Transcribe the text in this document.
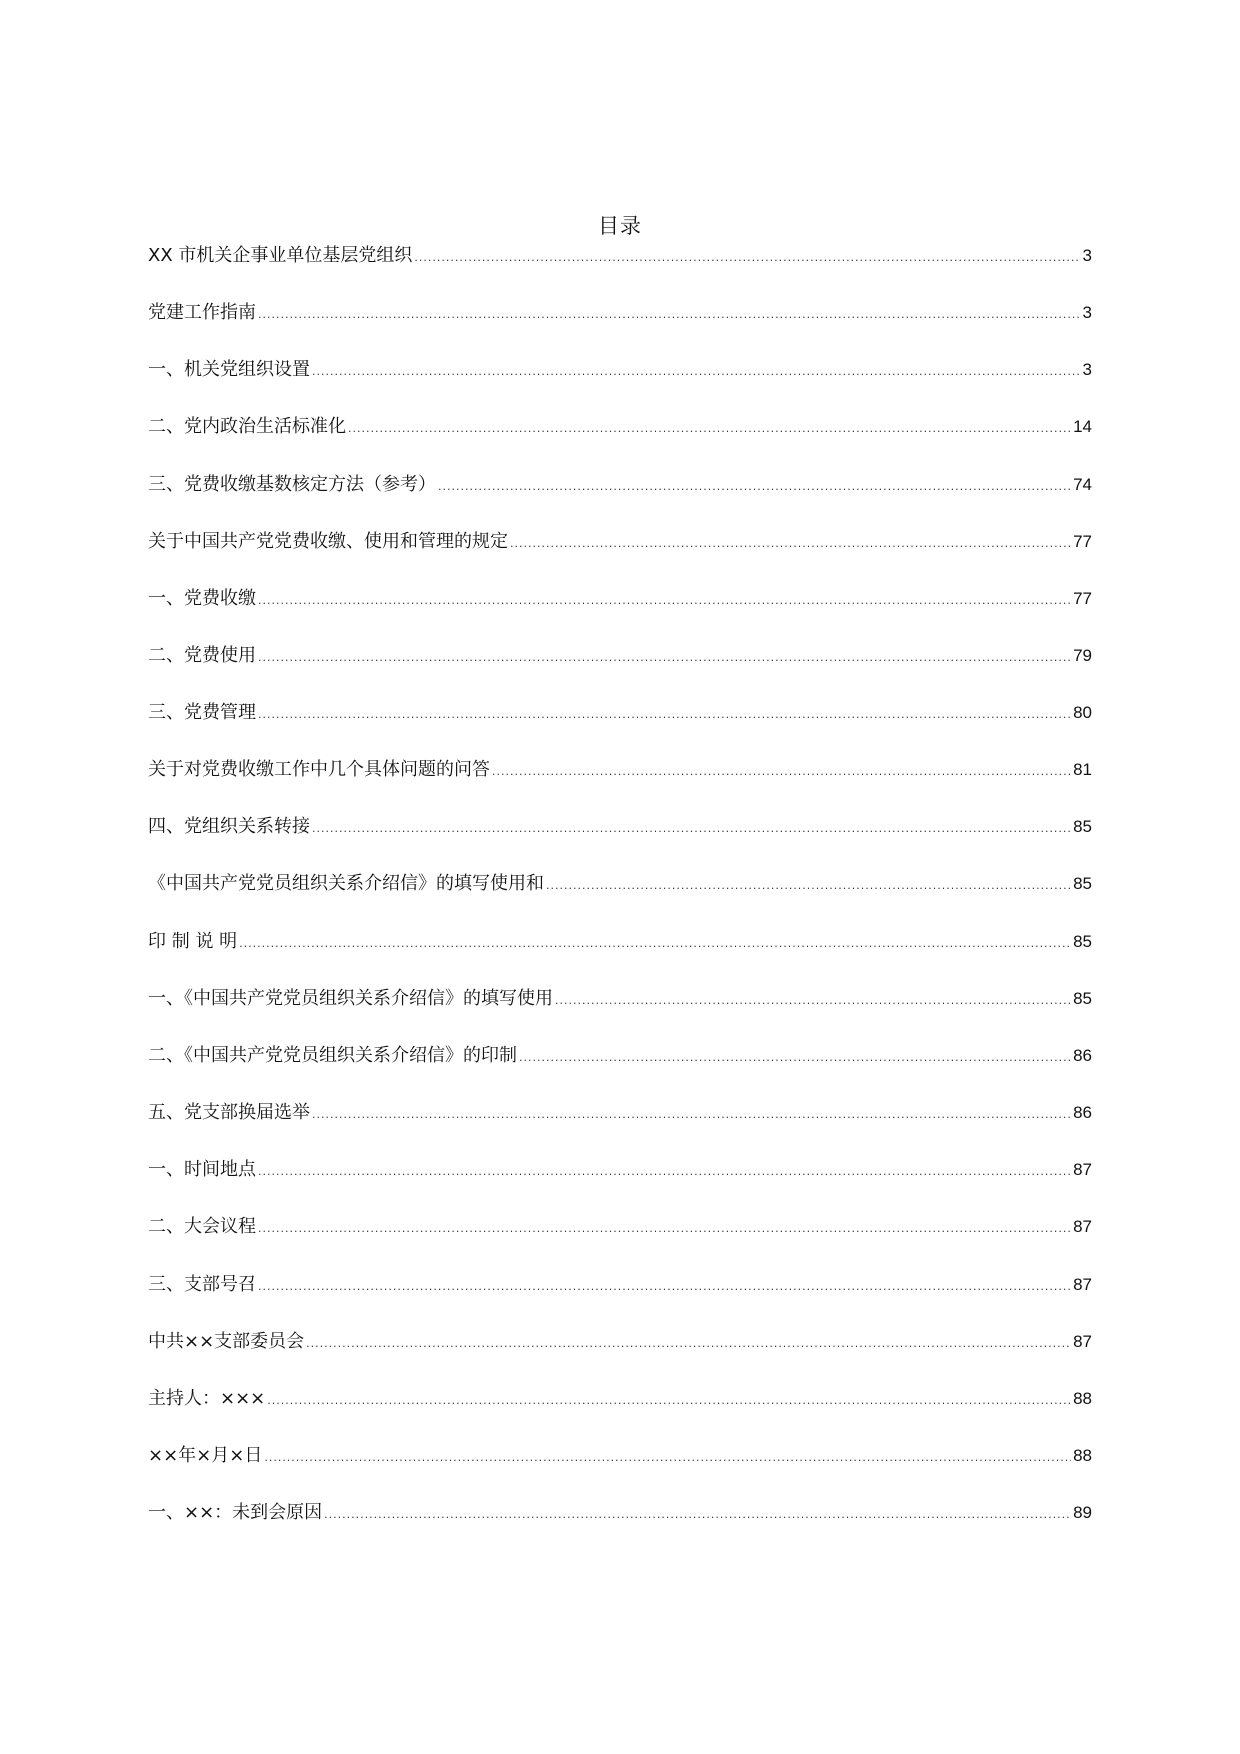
目录
XX 市机关企事业单位基层党组织 .....	3
党建工作指南 .....	3
一、机关党组织设置 .....	3
二、党内政治生活标准化 .....	14
三、党费收缴基数核定方法（参考） .....	74
关于中国共产党党费收缴、使用和管理的规定 .....	77
一、党费收缴 .....	77
二、党费使用 .....	79
三、党费管理 .....	80
关于对党费收缴工作中几个具体问题的问答 .....	81
四、党组织关系转接 .....	85
《中国共产党党员组织关系介绍信》的填写使用和 .....	85
印 制 说 明 .....	85
一、《中国共产党党员组织关系介绍信》的填写使用 .....	85
二、《中国共产党党员组织关系介绍信》的印制 .....	86
五、党支部换届选举 .....	86
一、时间地点 .....	87
二、大会议程 .....	87
三、支部号召 .....	87
中共××支部委员会 .....	87
主持人：××× .....	88
××年×月×日 .....	88
一、××：未到会原因 .....	89
